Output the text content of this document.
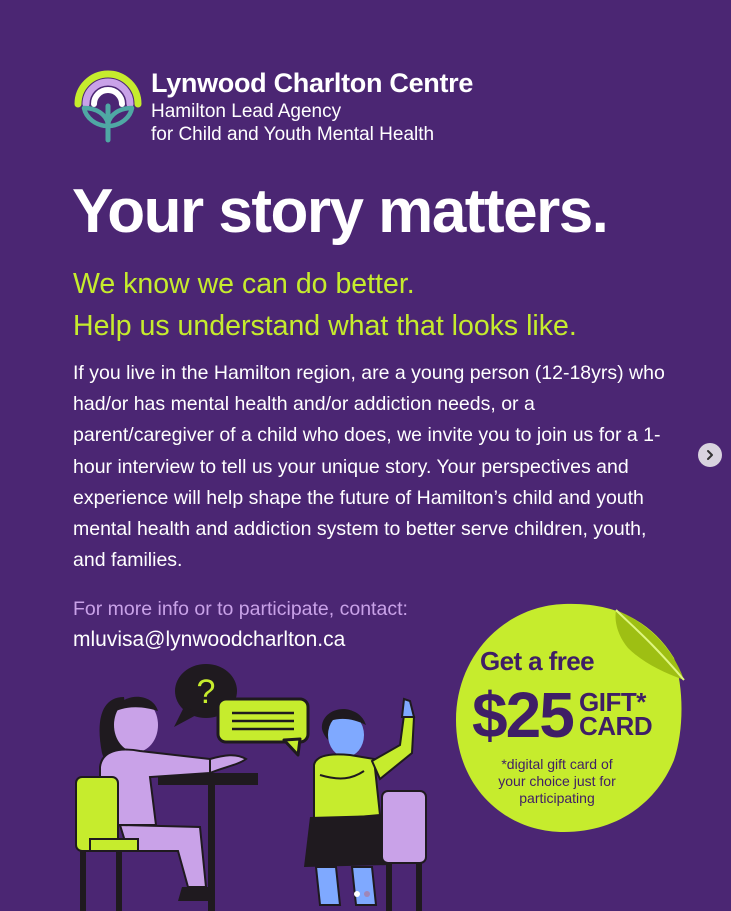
Lynwood Charlton Centre
Hamilton Lead Agency
for Child and Youth Mental Health
Your story matters.
We know we can do better.
Help us understand what that looks like.
If you live in the Hamilton region, are a young person (12-18yrs) who had/or has mental health and/or addiction needs, or a parent/caregiver of a child who does, we invite you to join us for a 1-hour interview to tell us your unique story. Your perspectives and experience will help shape the future of Hamilton’s child and youth mental health and addiction system to better serve children, youth, and families.
For more info or to participate, contact:
mluvisa@lynwoodcharlton.ca
?
Get a free
$25 GIFT*
CARD
*digital gift card of your choice just for participating
